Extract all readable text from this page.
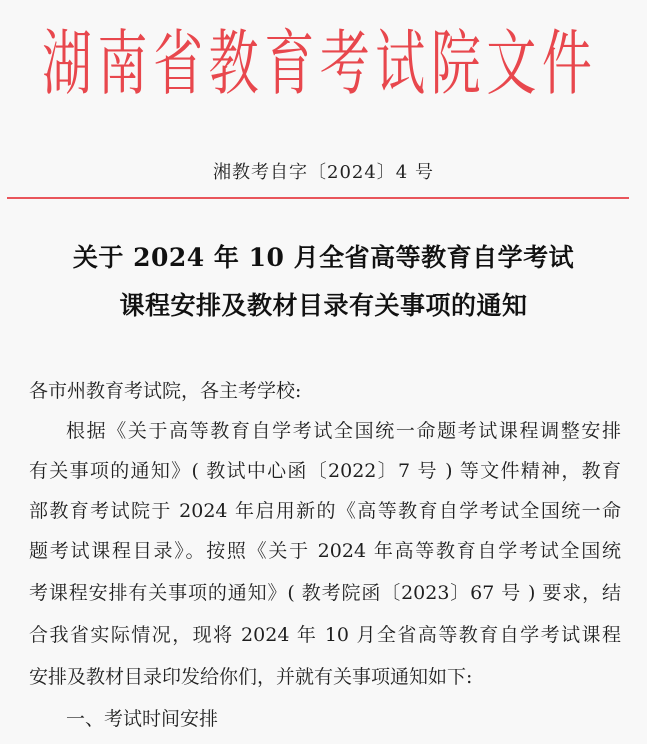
湖 南 省 教 育 考 试 院 文 件
湘教考自字〔2024〕4 号
关于 2024 年 10 月全省高等教育自学考试
课程安排及教材目录有关事项的通知
各市州教育考试院，各主考学校:
根据《关于高等教育自学考试全国统一命题考试课程调整安排
有关事项的通知》( 教试中心函〔2022〕7 号 ) 等文件精神，教育
部教育考试院于 2024 年启用新的《高等教育自学考试全国统一命
题考试课程目录》。按照《关于 2024 年高等教育自学考试全国统
考课程安排有关事项的通知》( 教考院函〔2023〕67 号 ) 要求，结
合我省实际情况，现将 2024 年 10 月全省高等教育自学考试课程
安排及教材目录印发给你们，并就有关事项通知如下:
一、考试时间安排
